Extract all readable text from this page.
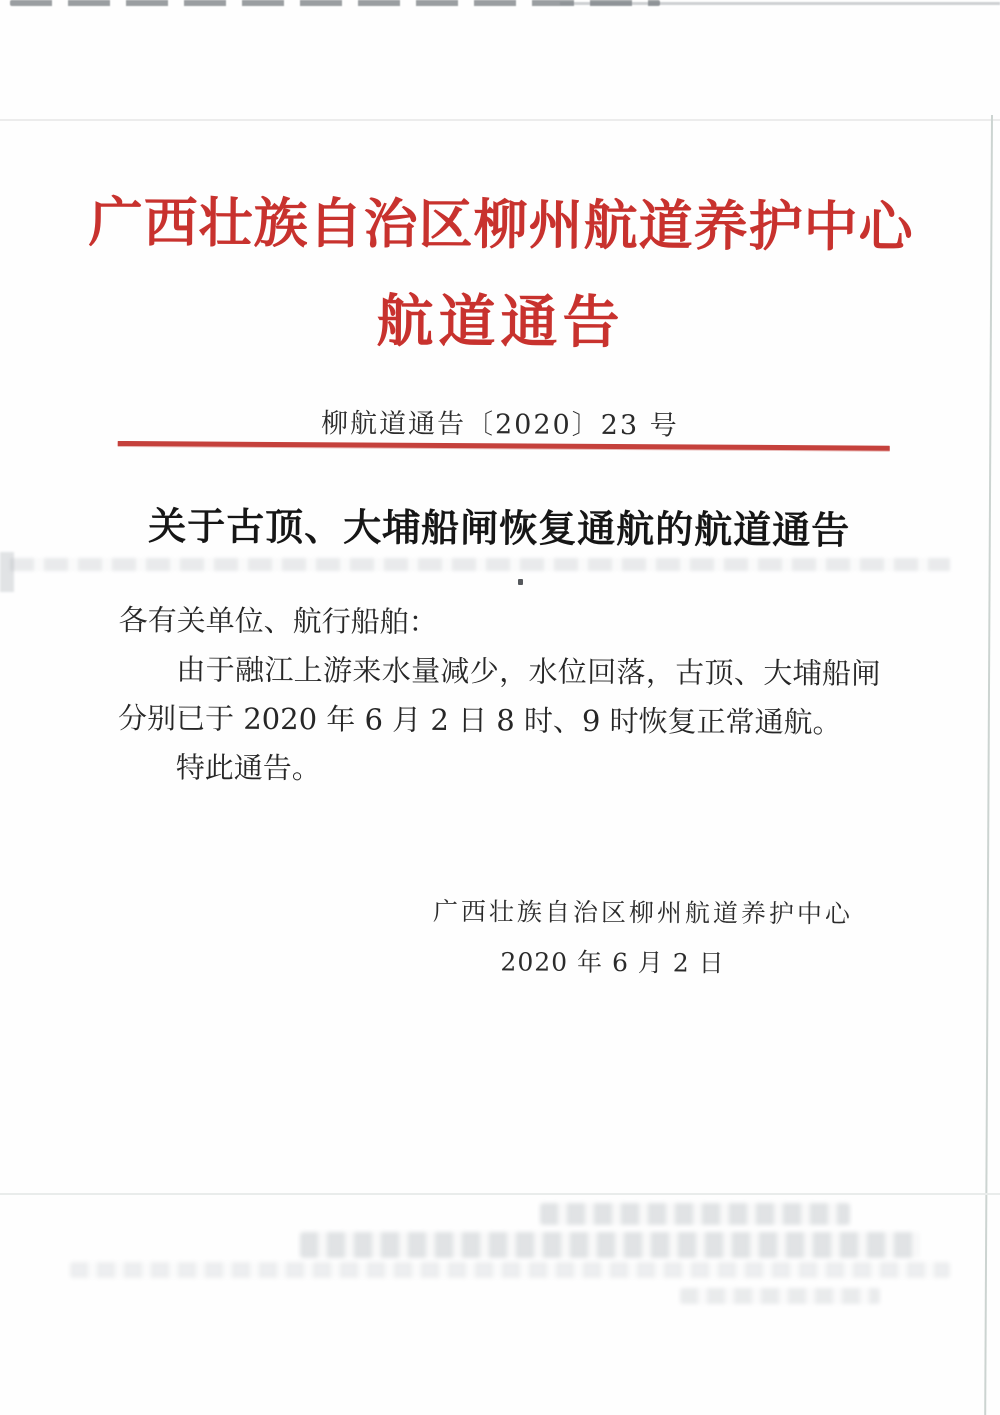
广西壮族自治区柳州航道养护中心
航道通告
柳航道通告〔2020〕23 号
关于古顶、大埔船闸恢复通航的航道通告

各有关单位、航行船舶：

由于融江上游来水量减少，水位回落，古顶、大埔船闸分别已于 2020 年 6 月 2 日 8 时、9 时恢复正常通航。

特此通告。

广西壮族自治区柳州航道养护中心
2020 年 6 月 2 日
